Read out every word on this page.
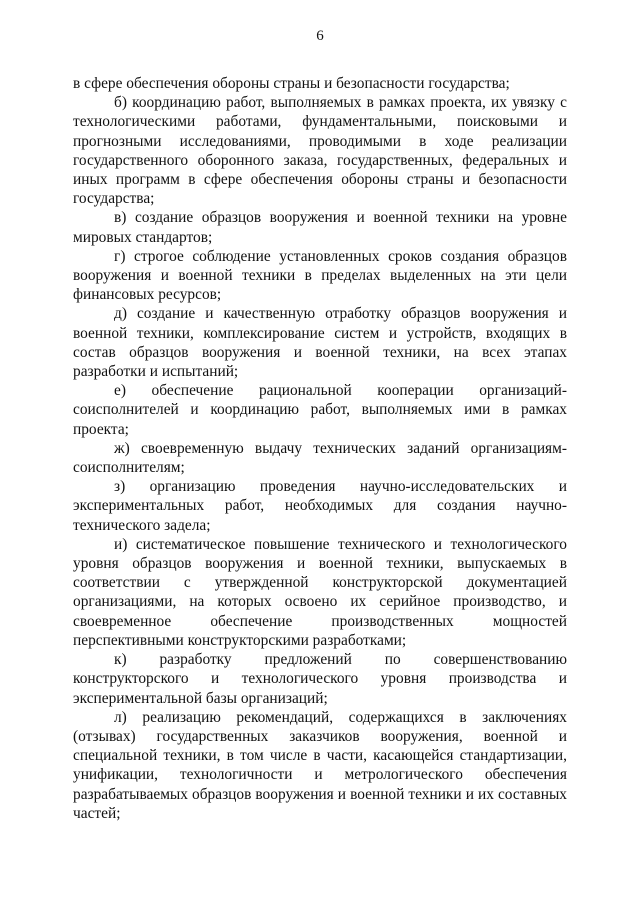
6

в сфере обеспечения обороны страны и безопасности государства;

б) координацию работ, выполняемых в рамках проекта, их увязку с технологическими работами, фундаментальными, поисковыми и прогнозными исследованиями, проводимыми в ходе реализации государственного оборонного заказа, государственных, федеральных и иных программ в сфере обеспечения обороны страны и безопасности государства;

в) создание образцов вооружения и военной техники на уровне мировых стандартов;

г) строгое соблюдение установленных сроков создания образцов вооружения и военной техники в пределах выделенных на эти цели финансовых ресурсов;

д) создание и качественную отработку образцов вооружения и военной техники, комплексирование систем и устройств, входящих в состав образцов вооружения и военной техники, на всех этапах разработки и испытаний;

е) обеспечение рациональной кооперации организаций-соисполнителей и координацию работ, выполняемых ими в рамках проекта;

ж) своевременную выдачу технических заданий организациям-соисполнителям;

з) организацию проведения научно-исследовательских и экспериментальных работ, необходимых для создания научно-технического задела;

и) систематическое повышение технического и технологического уровня образцов вооружения и военной техники, выпускаемых в соответствии с утвержденной конструкторской документацией организациями, на которых освоено их серийное производство, и своевременное обеспечение производственных мощностей перспективными конструкторскими разработками;

к) разработку предложений по совершенствованию конструкторского и технологического уровня производства и экспериментальной базы организаций;

л) реализацию рекомендаций, содержащихся в заключениях (отзывах) государственных заказчиков вооружения, военной и специальной техники, в том числе в части, касающейся стандартизации, унификации, технологичности и метрологического обеспечения разрабатываемых образцов вооружения и военной техники и их составных частей;
